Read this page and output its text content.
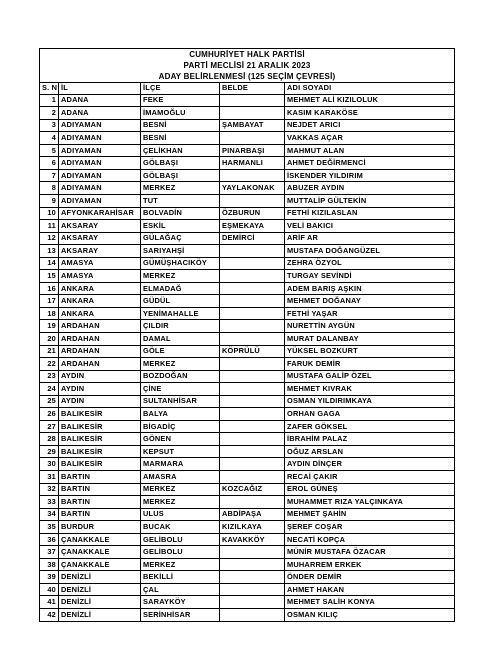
CUMHURİYET HALK PARTİSİ				
PARTİ MECLİSİ 21 ARALIK 2023				
ADAY BELİRLENMESİ (125 SEÇİM ÇEVRESİ)				
S. N	İL	İLÇE	BELDE	ADI SOYADI
1	ADANA	FEKE		MEHMET ALİ KIZILOLUK
2	ADANA	İMAMOĞLU		KASIM KARAKÖSE
3	ADIYAMAN	BESNİ	ŞAMBAYAT	NEJDET ARICI
4	ADIYAMAN	BESNİ		VAKKAS AÇAR
5	ADIYAMAN	ÇELİKHAN	PINARBAŞI	MAHMUT ALAN
6	ADIYAMAN	GÖLBAŞI	HARMANLI	AHMET DEĞİRMENCİ
7	ADIYAMAN	GÖLBAŞI		İSKENDER YILDIRIM
8	ADIYAMAN	MERKEZ	YAYLAKONAK	ABUZER AYDIN
9	ADIYAMAN	TUT		MUTTALİP GÜLTEKİN
10	AFYONKARAHİSAR	BOLVADİN	ÖZBURUN	FETHİ KIZILASLAN
11	AKSARAY	ESKİL	EŞMEKAYA	VELİ BAKICI
12	AKSARAY	GÜLAĞAÇ	DEMİRCİ	ARİF AR
13	AKSARAY	SARIYAHŞİ		MUSTAFA DOĞANGÜZEL
14	AMASYA	GÜMÜŞHACIKÖY		ZEHRA ÖZYOL
15	AMASYA	MERKEZ		TURGAY SEVİNDİ
16	ANKARA	ELMADAĞ		ADEM BARIŞ AŞKIN
17	ANKARA	GÜDÜL		MEHMET DOĞANAY
18	ANKARA	YENİMAHALLE		FETHİ YAŞAR
19	ARDAHAN	ÇILDIR		NURETTİN AYGÜN
20	ARDAHAN	DAMAL		MURAT DALANBAY
21	ARDAHAN	GÖLE	KÖPRÜLÜ	YÜKSEL BOZKURT
22	ARDAHAN	MERKEZ		FARUK DEMİR
23	AYDIN	BOZDOĞAN		MUSTAFA GALİP ÖZEL
24	AYDIN	ÇİNE		MEHMET KIVRAK
25	AYDIN	SULTANHİSAR		OSMAN YILDIRIMKAYA
26	BALIKESİR	BALYA		ORHAN GAGA
27	BALIKESİR	BİGADİÇ		ZAFER GÖKSEL
28	BALIKESİR	GÖNEN		İBRAHİM PALAZ
29	BALIKESİR	KEPSUT		OĞUZ ARSLAN
30	BALIKESİR	MARMARA		AYDIN DİNÇER
31	BARTIN	AMASRA		RECAİ ÇAKIR
32	BARTIN	MERKEZ	KOZCAĞIZ	EROL GÜNEŞ
33	BARTIN	MERKEZ		MUHAMMET RIZA YALÇINKAYA
34	BARTIN	ULUS	ABDİPAŞA	MEHMET ŞAHİN
35	BURDUR	BUCAK	KIZILKAYA	ŞEREF COŞAR
36	ÇANAKKALE	GELİBOLU	KAVAKKÖY	NECATİ KOPÇA
37	ÇANAKKALE	GELİBOLU		MÜNİR MUSTAFA ÖZACAR
38	ÇANAKKALE	MERKEZ		MUHARREM ERKEK
39	DENİZLİ	BEKİLLİ		ÖNDER DEMİR
40	DENİZLİ	ÇAL		AHMET HAKAN
41	DENİZLİ	SARAYKÖY		MEHMET SALİH KONYA
42	DENİZLİ	SERİNHİSAR		OSMAN KILIÇ
